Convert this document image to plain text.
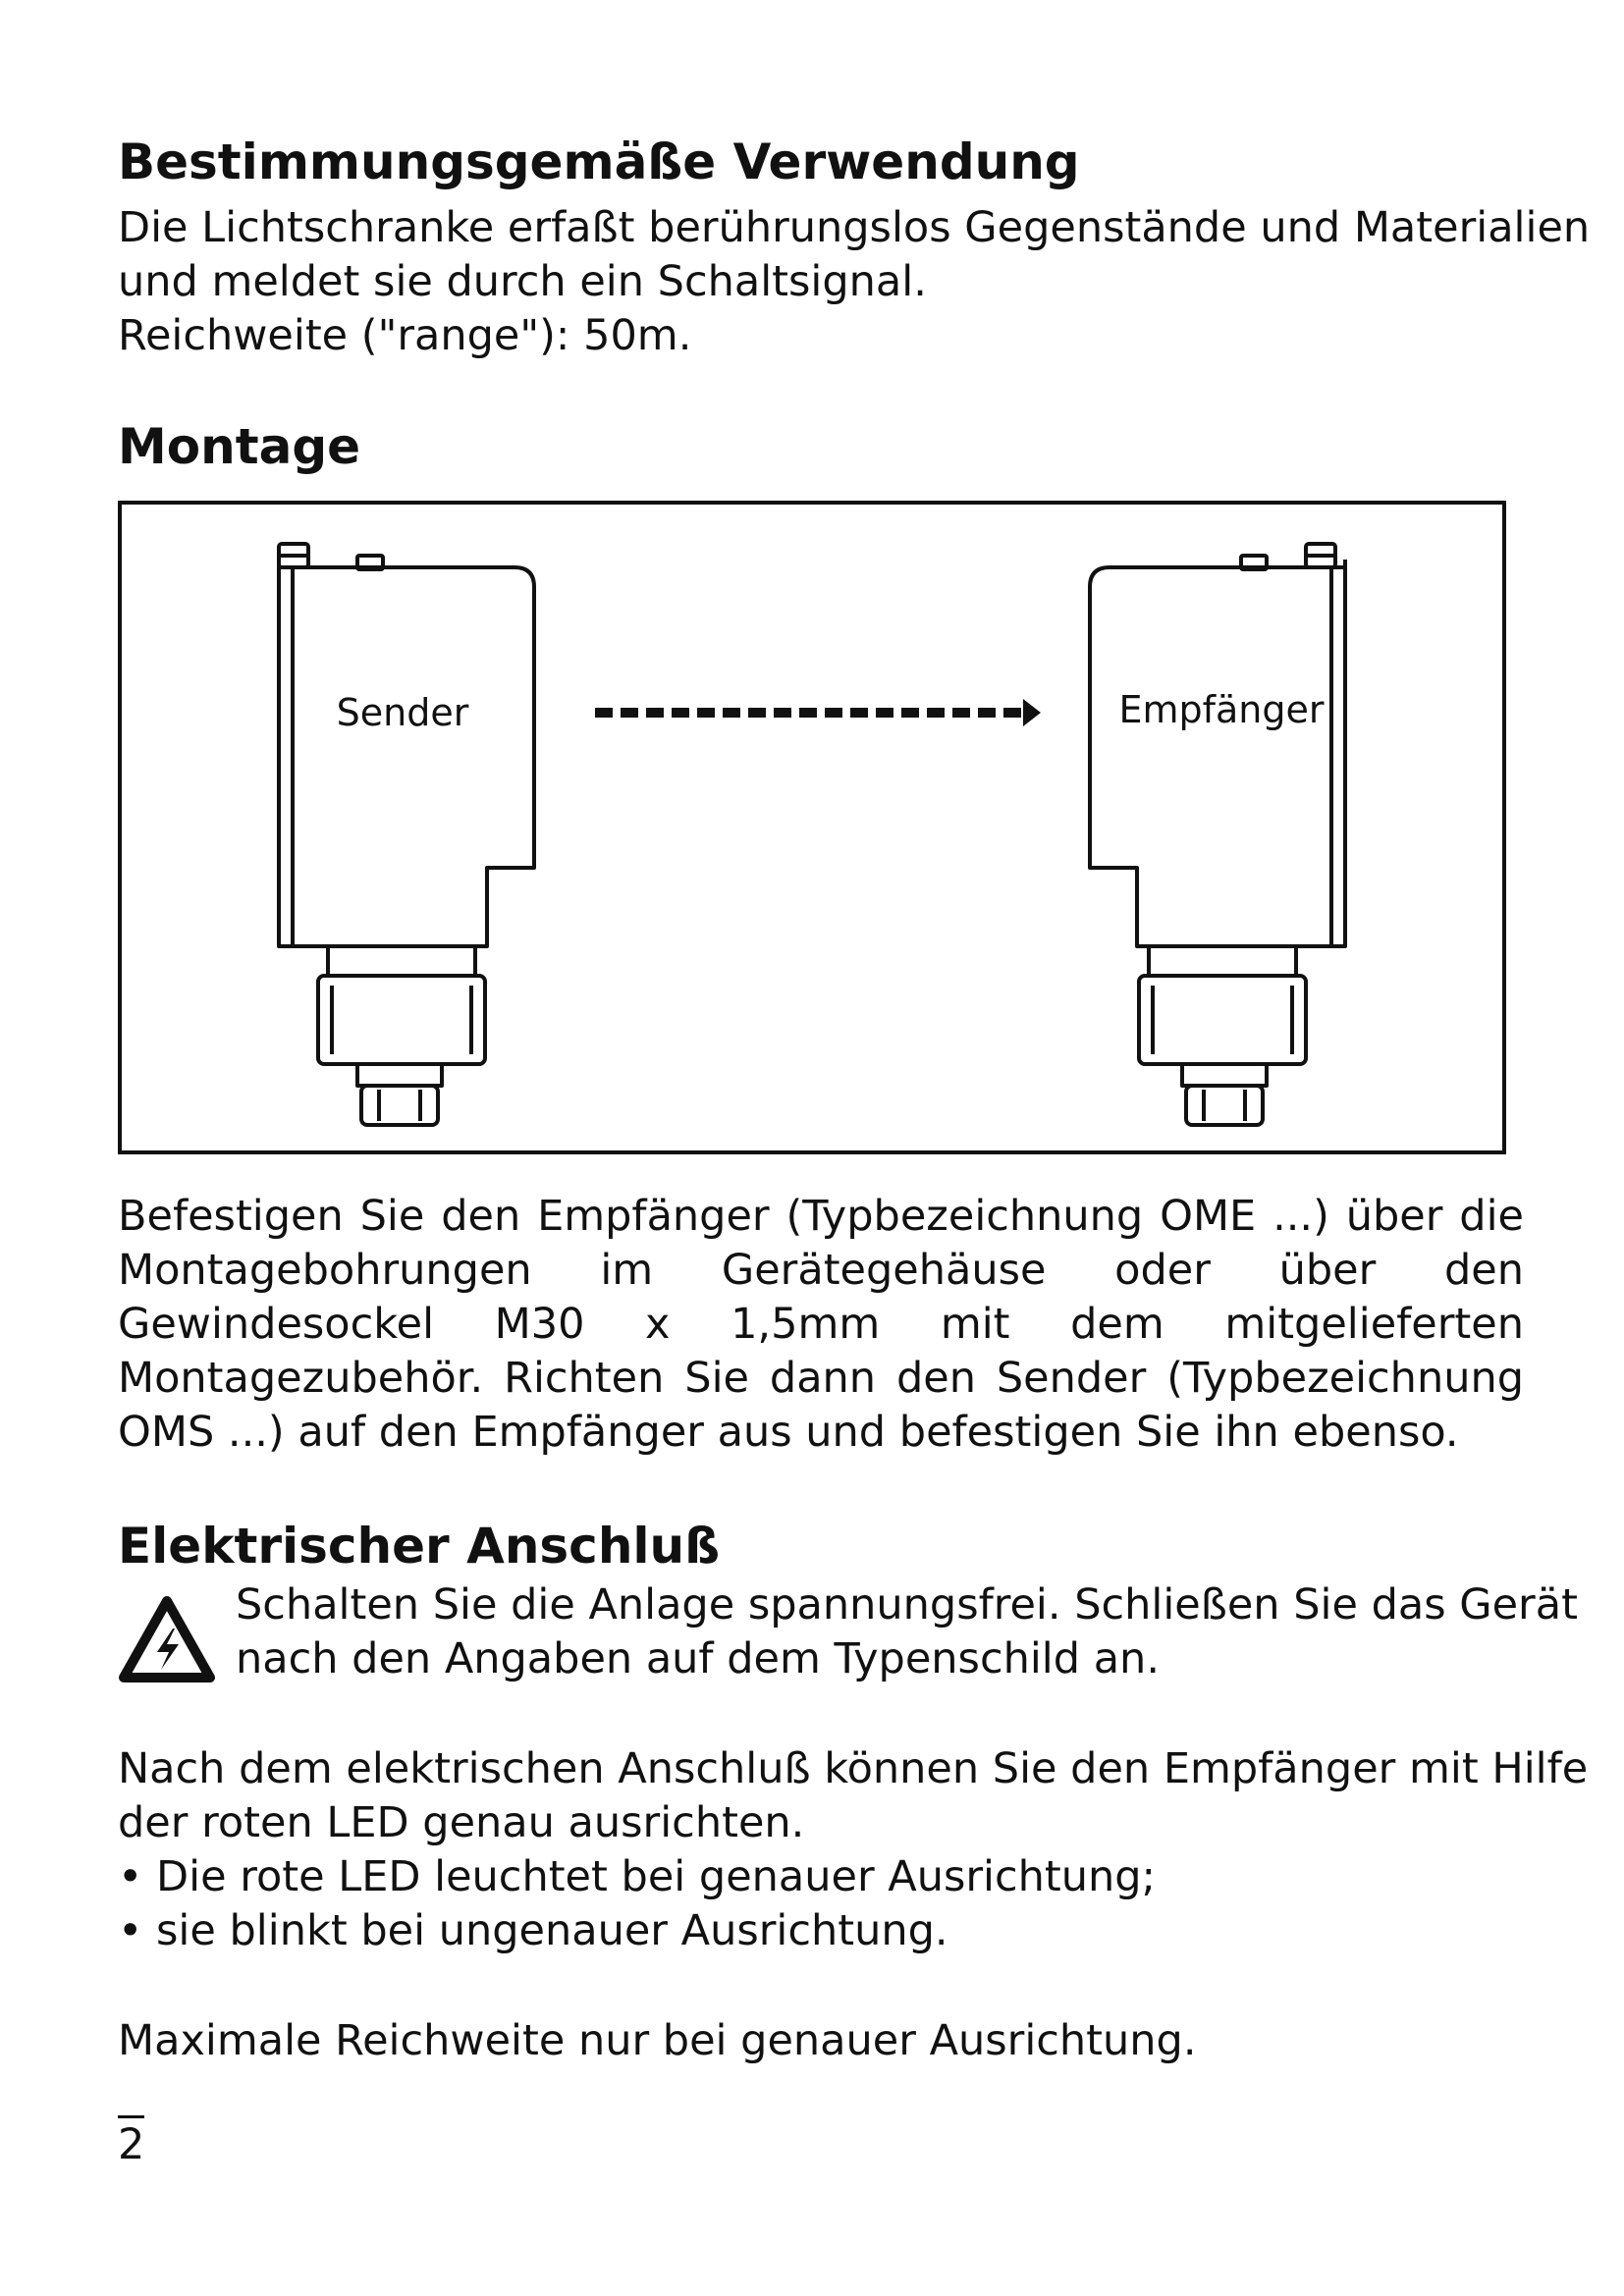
Bestimmungsgemäße Verwendung

Die Lichtschranke erfaßt berührungslos Gegenstände und Materialien

und meldet sie durch ein Schaltsignal.

Reichweite ("range"): 50m.

Montage
Sender	Empfänger

Befestigen Sie den Empfänger (Typbezeichnung OME ...) über die Montagebohrungen im Gerätegehäuse oder über den Gewindesockel M30 x 1,5mm mit dem mitgelieferten Montagezubehör. Richten Sie dann den Sender (Typbezeichnung OMS ...) auf den Empfänger aus und befestigen Sie ihn ebenso.

Elektrischer Anschluß

Schalten Sie die Anlage spannungsfrei. Schließen Sie das Gerät

nach den Angaben auf dem Typenschild an.

Nach dem elektrischen Anschluß können Sie den Empfänger mit Hilfe

der roten LED genau ausrichten.

• Die rote LED leuchtet bei genauer Ausrichtung;

• sie blinkt bei ungenauer Ausrichtung.

Maximale Reichweite nur bei genauer Ausrichtung.

2
